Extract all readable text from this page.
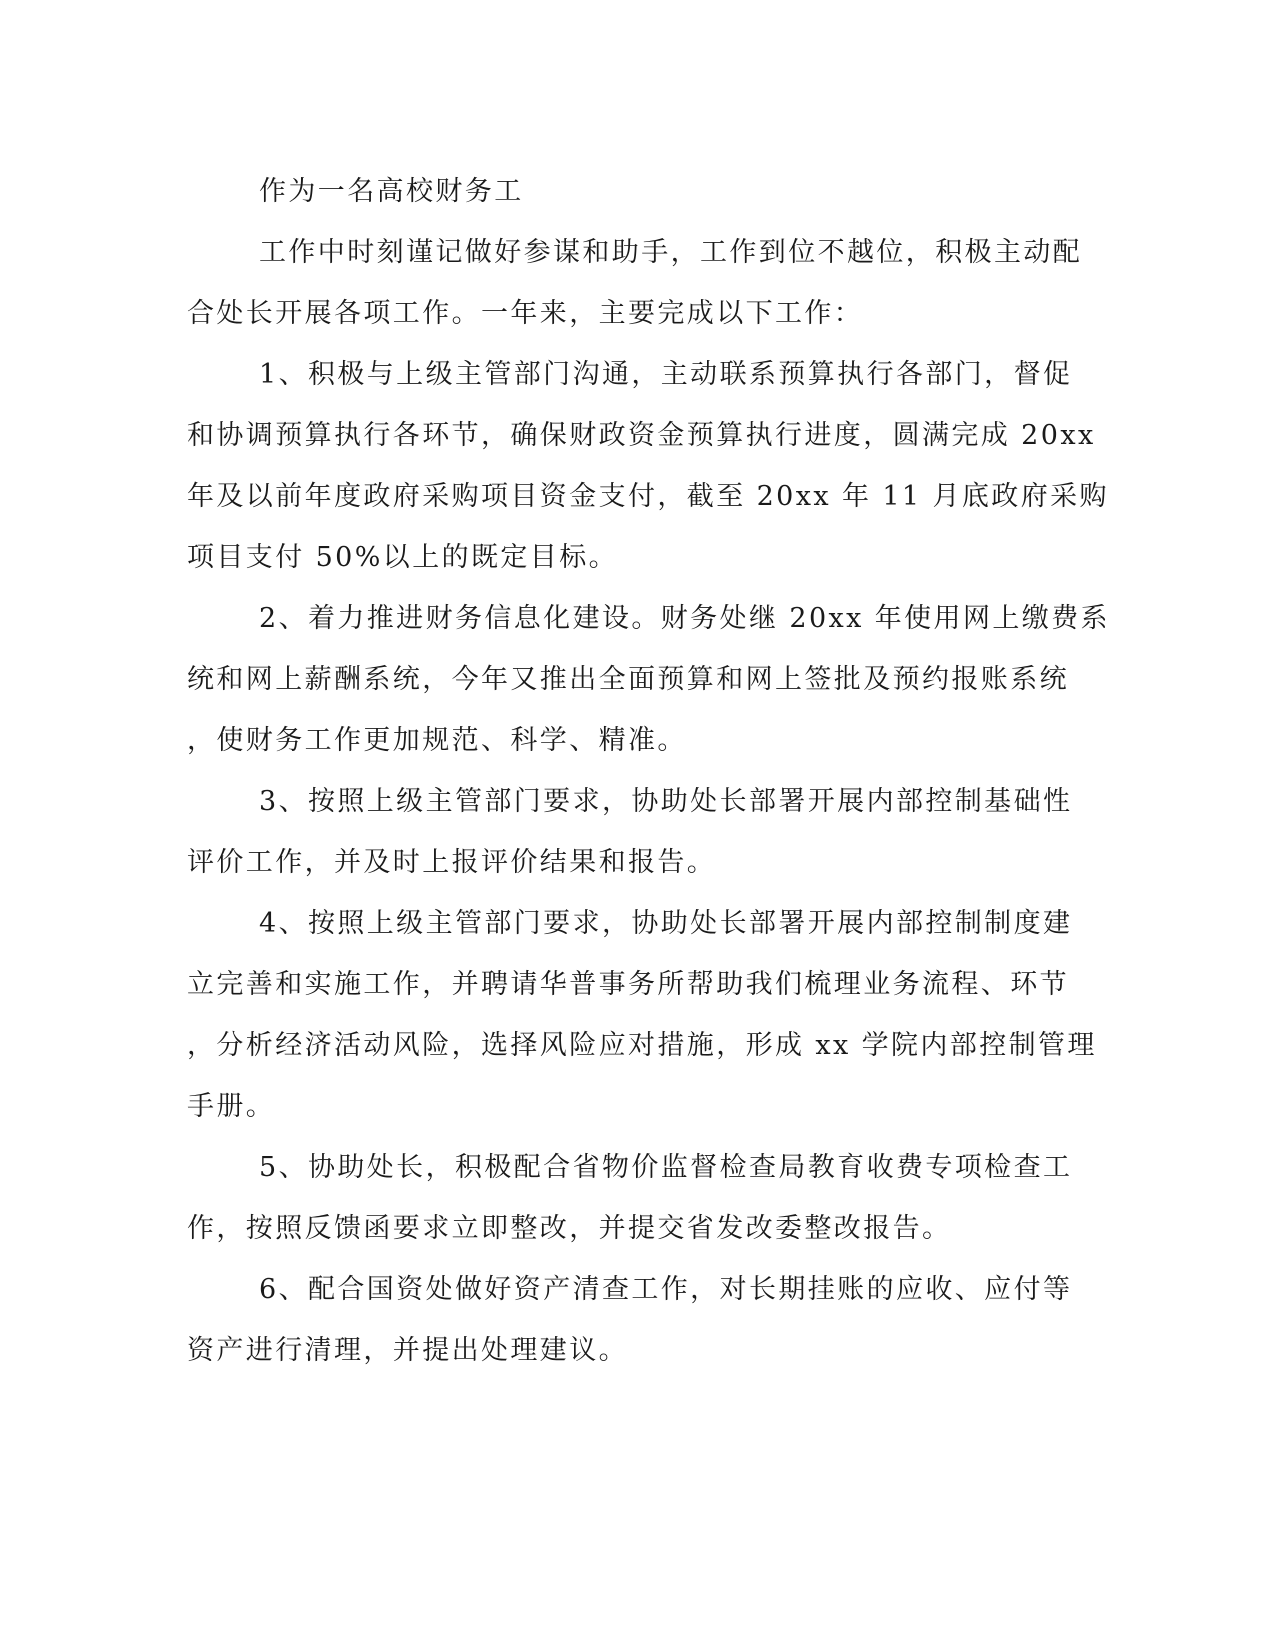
作为一名高校财务工
工作中时刻谨记做好参谋和助手，工作到位不越位，积极主动配
合处长开展各项工作。一年来，主要完成以下工作：
1、积极与上级主管部门沟通，主动联系预算执行各部门，督促
和协调预算执行各环节，确保财政资金预算执行进度，圆满完成 20xx
年及以前年度政府采购项目资金支付，截至 20xx 年 11 月底政府采购
项目支付 50%以上的既定目标。
2、着力推进财务信息化建设。财务处继 20xx 年使用网上缴费系
统和网上薪酬系统，今年又推出全面预算和网上签批及预约报账系统
，使财务工作更加规范、科学、精准。
3、按照上级主管部门要求，协助处长部署开展内部控制基础性
评价工作，并及时上报评价结果和报告。
4、按照上级主管部门要求，协助处长部署开展内部控制制度建
立完善和实施工作，并聘请华普事务所帮助我们梳理业务流程、环节
，分析经济活动风险，选择风险应对措施，形成 xx 学院内部控制管理
手册。
5、协助处长，积极配合省物价监督检查局教育收费专项检查工
作，按照反馈函要求立即整改，并提交省发改委整改报告。
6、配合国资处做好资产清查工作，对长期挂账的应收、应付等
资产进行清理，并提出处理建议。
